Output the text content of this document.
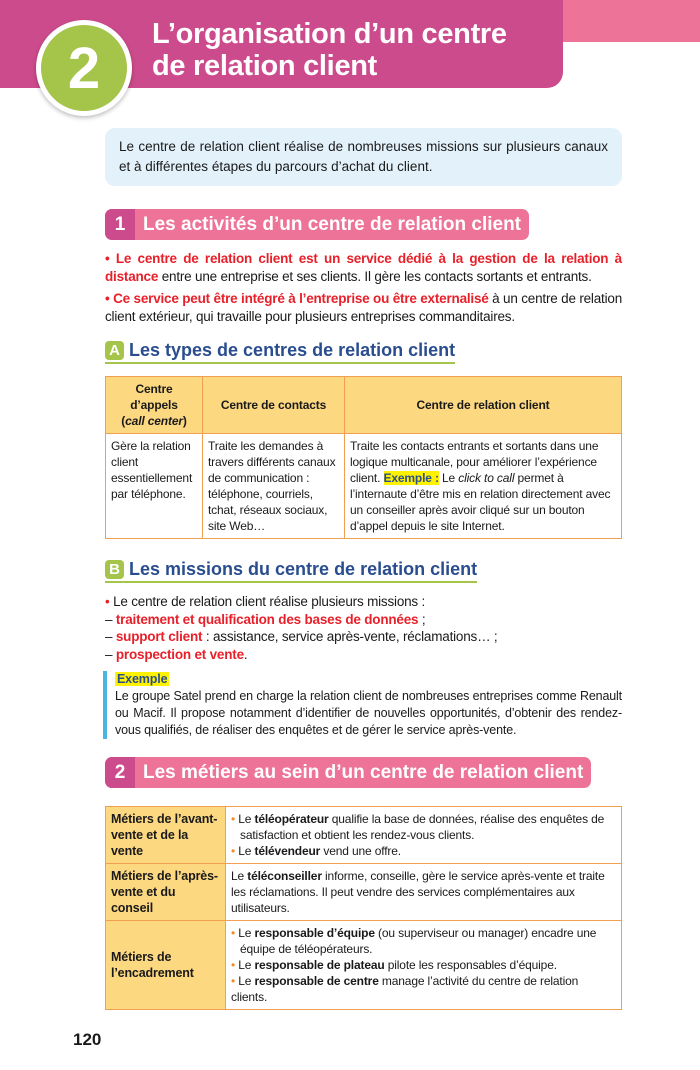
2
L’organisation d’un centre
de relation client
Le centre de relation client réalise de nombreuses missions sur plusieurs canaux et à différentes étapes du parcours d’achat du client.
1 Les activités d’un centre de relation client
• Le centre de relation client est un service dédié à la gestion de la relation à distance entre une entreprise et ses clients. Il gère les contacts sortants et entrants.
• Ce service peut être intégré à l’entreprise ou être externalisé à un centre de relation client extérieur, qui travaille pour plusieurs entreprises commanditaires.
A Les types de centres de relation client
Centre d’appels
(call center)	Centre de contacts	Centre de relation client
Gère la relation client essentiellement par téléphone.	Traite les demandes à travers différents canaux de communication : téléphone, courriels, tchat, réseaux sociaux, site Web…	Traite les contacts entrants et sortants dans une logique multicanale, pour améliorer l’expérience client. Exemple : Le click to call permet à l’internaute d’être mis en relation directement avec un conseiller après avoir cliqué sur un bouton d’appel depuis le site Internet.
B Les missions du centre de relation client
• Le centre de relation client réalise plusieurs missions :
– traitement et qualification des bases de données ;
– support client : assistance, service après-vente, réclamations… ;
– prospection et vente.
Exemple
Le groupe Satel prend en charge la relation client de nombreuses entreprises comme Renault ou Macif. Il propose notamment d’identifier de nouvelles opportunités, d’obtenir des rendez-vous qualifiés, de réaliser des enquêtes et de gérer le service après-vente.
2 Les métiers au sein d’un centre de relation client
Métiers de l’avant-vente et de la vente	• Le téléopérateur qualifie la base de données, réalise des enquêtes de satisfaction et obtient les rendez-vous clients.
• Le télévendeur vend une offre.

Métiers de l’après-vente et du conseil	Le téléconseiller informe, conseille, gère le service après-vente et traite les réclamations. Il peut vendre des services complémentaires aux utilisateurs.
Métiers de l’encadrement	• Le responsable d’équipe (ou superviseur ou manager) encadre une équipe de téléopérateurs.
• Le responsable de plateau pilote les responsables d’équipe.
• Le responsable de centre manage l’activité du centre de relation clients.
120
